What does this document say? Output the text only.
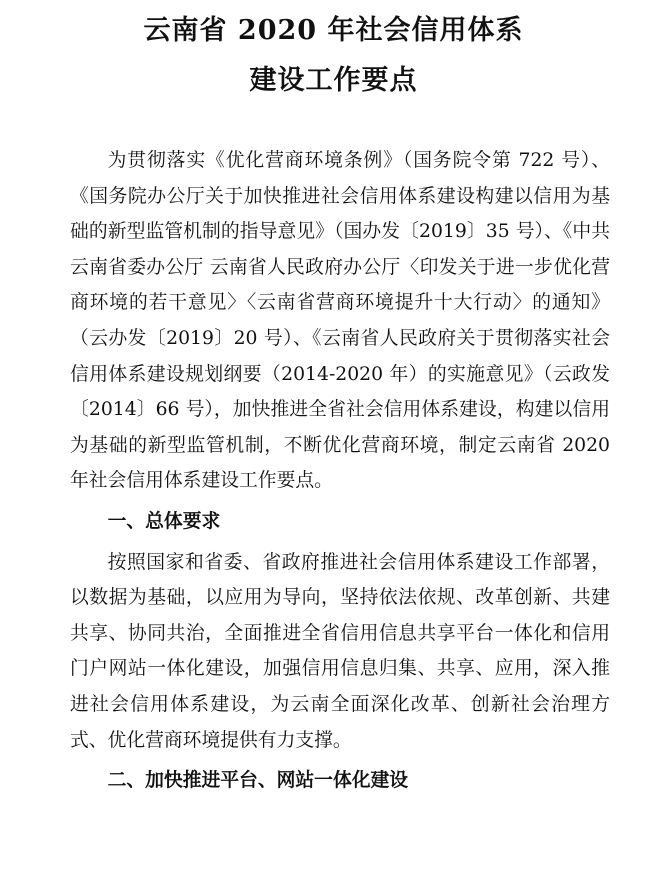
云南省 2020 年社会信用体系
建设工作要点

为贯彻落实《优化营商环境条例》（国务院令第 722 号）、《国务院办公厅关于加快推进社会信用体系建设构建以信用为基础的新型监管机制的指导意见》（国办发〔2019〕35 号）、《中共云南省委办公厅 云南省人民政府办公厅〈印发关于进一步优化营商环境的若干意见〉〈云南省营商环境提升十大行动〉的通知》（云办发〔2019〕20 号）、《云南省人民政府关于贯彻落实社会信用体系建设规划纲要（2014-2020 年）的实施意见》（云政发〔2014〕66 号），加快推进全省社会信用体系建设，构建以信用为基础的新型监管机制，不断优化营商环境，制定云南省 2020 年社会信用体系建设工作要点。

一、总体要求

按照国家和省委、省政府推进社会信用体系建设工作部署，以数据为基础，以应用为导向，坚持依法依规、改革创新、共建共享、协同共治，全面推进全省信用信息共享平台一体化和信用门户网站一体化建设，加强信用信息归集、共享、应用，深入推进社会信用体系建设，为云南全面深化改革、创新社会治理方式、优化营商环境提供有力支撑。

二、加快推进平台、网站一体化建设
